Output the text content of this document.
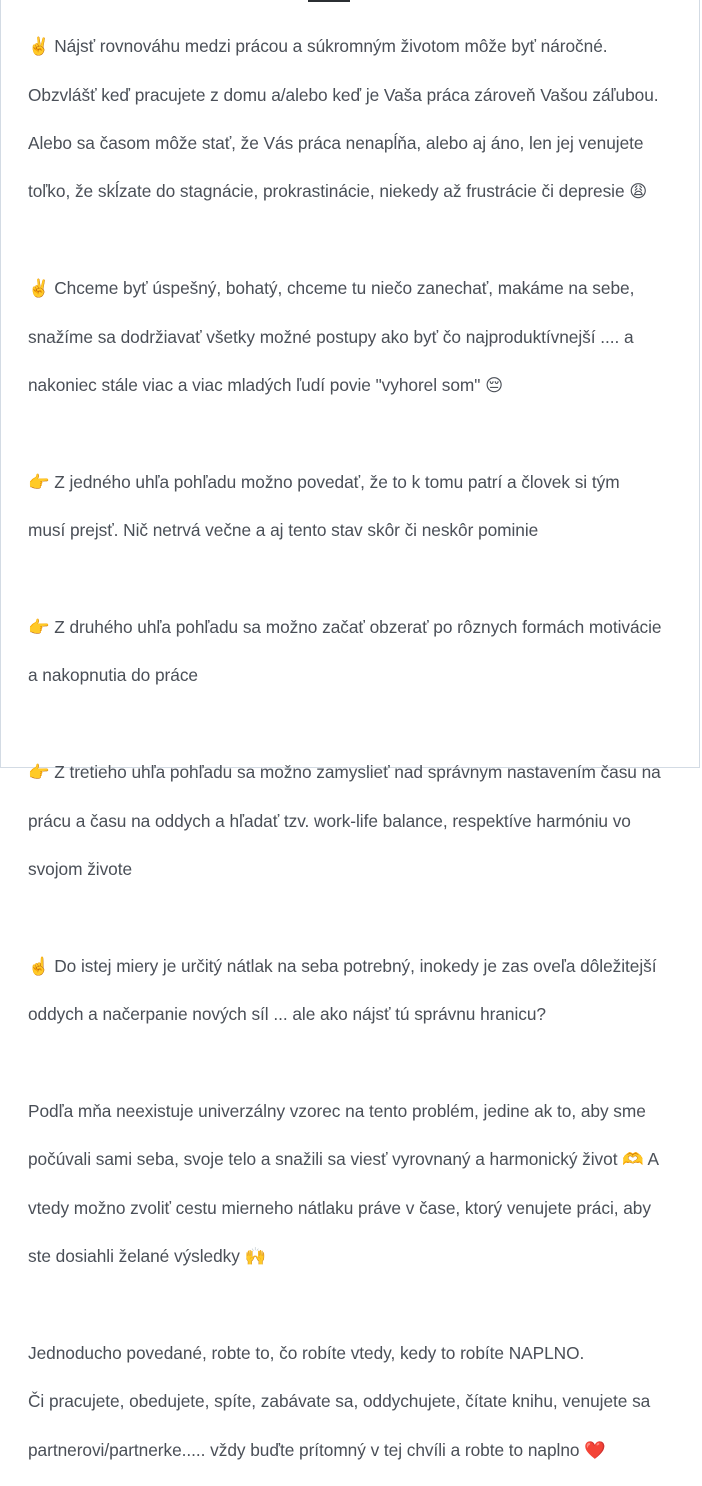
✌️ Nájsť rovnováhu medzi prácou a súkromným životom môže byť náročné.

Obzvlášť keď pracujete z domu a/alebo keď je Vaša práca zároveň Vašou záľubou.

Alebo sa časom môže stať, že Vás práca nenapĺňa, alebo aj áno, len jej venujete

toľko, že skĺzate do stagnácie, prokrastinácie, niekedy až frustrácie či depresie 😩

✌️ Chceme byť úspešný, bohatý, chceme tu niečo zanechať, makáme na sebe,

snažíme sa dodržiavať všetky možné postupy ako byť čo najproduktívnejší .... a

nakoniec stále viac a viac mladých ľudí povie "vyhorel som" 😔

👉 Z jedného uhľa pohľadu možno povedať, že to k tomu patrí a človek si tým

musí prejsť. Nič netrvá večne a aj tento stav skôr či neskôr pominie

👉 Z druhého uhľa pohľadu sa možno začať obzerať po rôznych formách motivácie

a nakopnutia do práce

👉 Z tretieho uhľa pohľadu sa možno zamyslieť nad správnym nastavením času na

prácu a času na oddych a hľadať tzv. work-life balance, respektíve harmóniu vo

svojom živote

☝️ Do istej miery je určitý nátlak na seba potrebný, inokedy je zas oveľa dôležitejší

oddych a načerpanie nových síl ... ale ako nájsť tú správnu hranicu?

Podľa mňa neexistuje univerzálny vzorec na tento problém, jedine ak to, aby sme

počúvali sami seba, svoje telo a snažili sa viesť vyrovnaný a harmonický život 🫶 A

vtedy možno zvoliť cestu mierneho nátlaku práve v čase, ktorý venujete práci, aby

ste dosiahli želané výsledky 🙌

Jednoducho povedané, robte to, čo robíte vtedy, kedy to robíte NAPLNO.

Či pracujete, obedujete, spíte, zabávate sa, oddychujete, čítate knihu, venujete sa

partnerovi/partnerke..... vždy buďte prítomný v tej chvíli a robte to naplno ❤️
